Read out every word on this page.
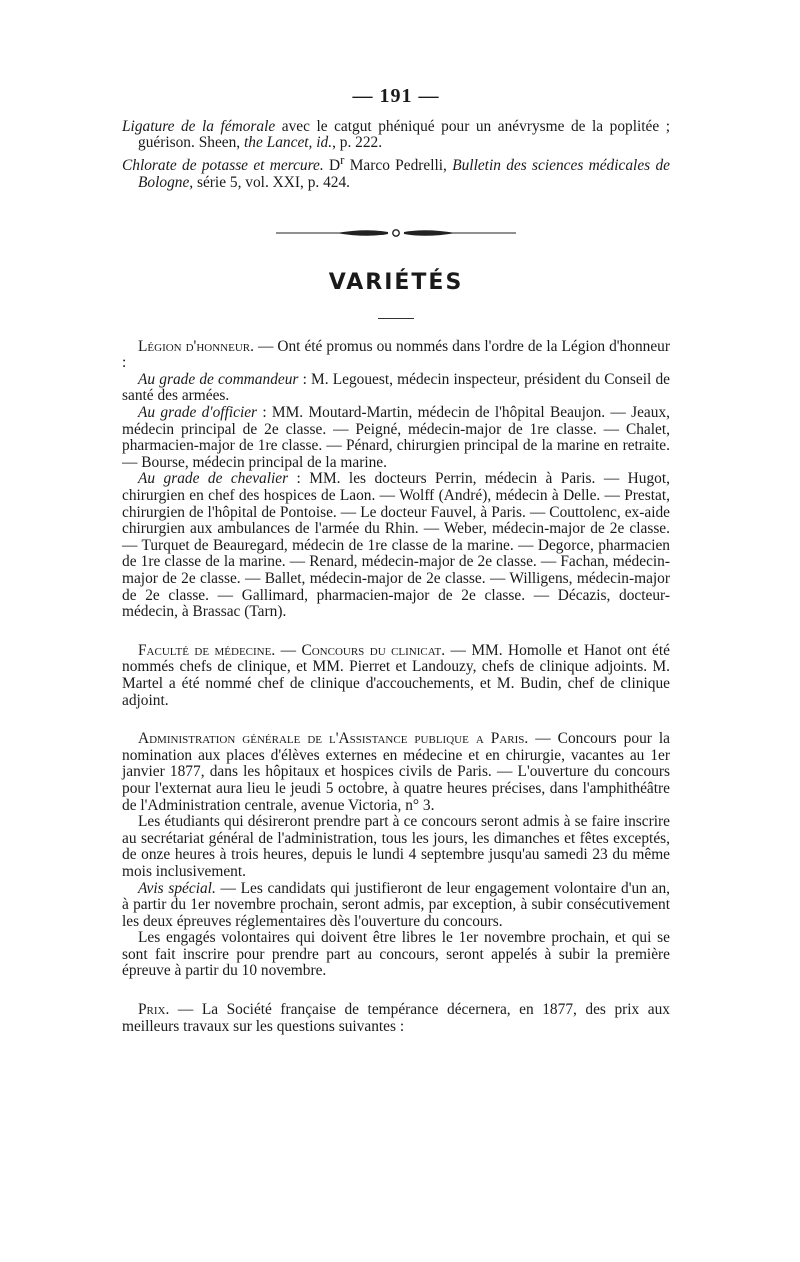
— 191 —

Ligature de la fémorale avec le catgut phéniqué pour un anévrysme de la poplitée ; guérison. Sheen, the Lancet, id., p. 222.

Chlorate de potasse et mercure. $D^r$ Marco Pedrelli, Bulletin des sciences médicales de Bologne, série 5, vol. XXI, p. 424.

VARIÉTÉS

Légion d'honneur. — Ont été promus ou nommés dans l'ordre de la Légion d'honneur :

Au grade de commandeur : M. Legouest, médecin inspecteur, président du Conseil de santé des armées.

Au grade d'officier : MM. Moutard-Martin, médecin de l'hôpital Beaujon. — Jeaux, médecin principal de 2e classe. — Peigné, médecin-major de 1re classe. — Chalet, pharmacien-major de 1re classe. — Pénard, chirurgien principal de la marine en retraite. — Bourse, médecin principal de la marine.

Au grade de chevalier : MM. les docteurs Perrin, médecin à Paris. — Hugot, chirurgien en chef des hospices de Laon. — Wolff (André), médecin à Delle. — Prestat, chirurgien de l'hôpital de Pontoise. — Le docteur Fauvel, à Paris. — Couttolenc, ex-aide chirurgien aux ambulances de l'armée du Rhin. — Weber, médecin-major de 2e classe. — Turquet de Beauregard, médecin de 1re classe de la marine. — Degorce, pharmacien de 1re classe de la marine. — Renard, médecin-major de 2e classe. — Fachan, médecin-major de 2e classe. — Ballet, médecin-major de 2e classe. — Willigens, médecin-major de 2e classe. — Gallimard, pharmacien-major de 2e classe. — Décazis, docteur-médecin, à Brassac (Tarn).

Faculté de médecine. — Concours du clinicat. — MM. Homolle et Hanot ont été nommés chefs de clinique, et MM. Pierret et Landouzy, chefs de clinique adjoints. M. Martel a été nommé chef de clinique d'accouchements, et M. Budin, chef de clinique adjoint.

Administration générale de l'Assistance publique a Paris. — Concours pour la nomination aux places d'élèves externes en médecine et en chirurgie, vacantes au 1er janvier 1877, dans les hôpitaux et hospices civils de Paris. — L'ouverture du concours pour l'externat aura lieu le jeudi 5 octobre, à quatre heures précises, dans l'amphithéâtre de l'Administration centrale, avenue Victoria, n° 3.

Les étudiants qui désireront prendre part à ce concours seront admis à se faire inscrire au secrétariat général de l'administration, tous les jours, les dimanches et fêtes exceptés, de onze heures à trois heures, depuis le lundi 4 septembre jusqu'au samedi 23 du même mois inclusivement.

Avis spécial. — Les candidats qui justifieront de leur engagement volontaire d'un an, à partir du 1er novembre prochain, seront admis, par exception, à subir consécutivement les deux épreuves réglementaires dès l'ouverture du concours.

Les engagés volontaires qui doivent être libres le 1er novembre prochain, et qui se sont fait inscrire pour prendre part au concours, seront appelés à subir la première épreuve à partir du 10 novembre.

Prix. — La Société française de tempérance décernera, en 1877, des prix aux meilleurs travaux sur les questions suivantes :
